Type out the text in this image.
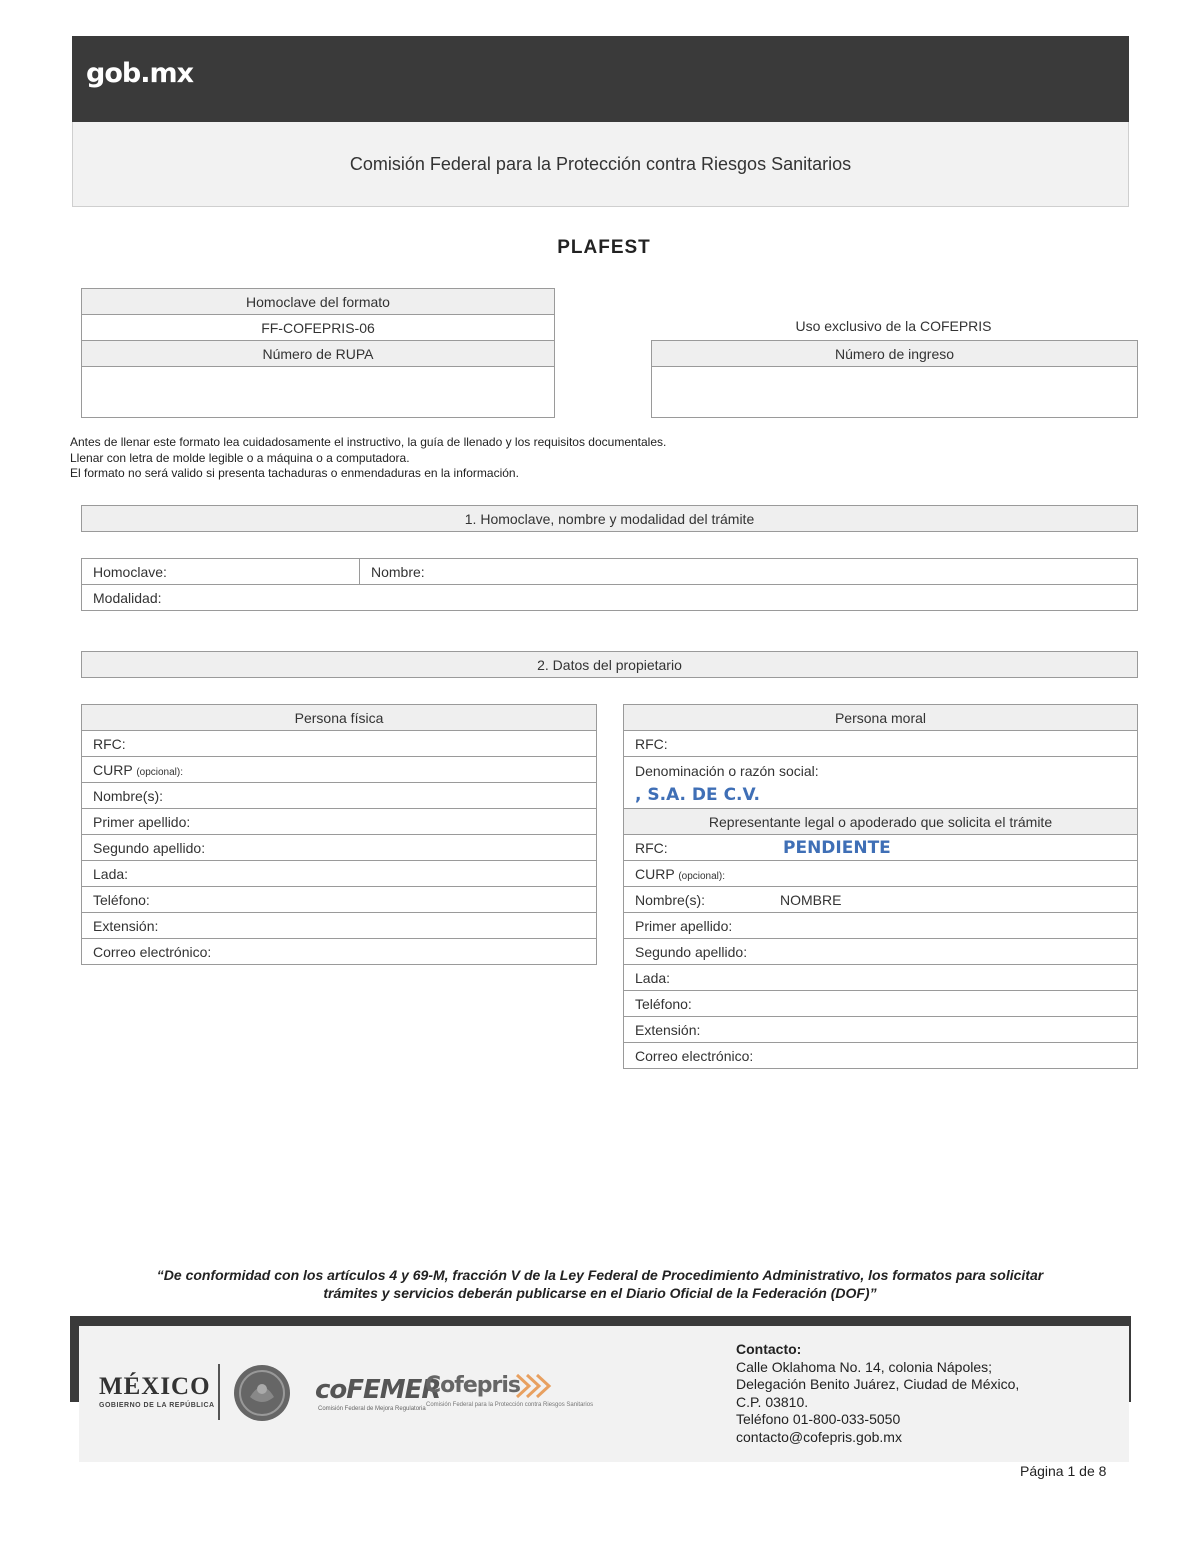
gob.mx
Comisión Federal para la Protección contra Riesgos Sanitarios
PLAFEST
Homoclave del formato
FF-COFEPRIS-06
Número de RUPA

Uso exclusivo de la COFEPRIS
Número de ingreso

Antes de llenar este formato lea cuidadosamente el instructivo, la guía de llenado y los requisitos documentales.
Llenar con letra de molde legible o a máquina o a computadora.
El formato no será valido si presenta tachaduras o enmendaduras en la información.
1. Homoclave, nombre y modalidad del trámite
Homoclave:	Nombre:
Modalidad:
2. Datos del propietario
Persona física
RFC:
CURP (opcional):
Nombre(s):
Primer apellido:
Segundo apellido:
Lada:
Teléfono:
Extensión:
Correo electrónico:
Persona moral
RFC:

Denominación o razón social:
, S.A. DE C.V.

Representante legal o apoderado que solicita el trámite
RFC:	PENDIENTE
CURP (opcional):
Nombre(s):	NOMBRE
Primer apellido:
Segundo apellido:
Lada:
Teléfono:
Extensión:
Correo electrónico:
“De conformidad con los artículos 4 y 69-M, fracción V de la Ley Federal de Procedimiento Administrativo, los formatos para solicitar
trámites y servicios deberán publicarse en el Diario Oficial de la Federación (DOF)”
MÉXICO
GOBIERNO DE LA REPÚBLICA
coFEMER
Comisión Federal de Mejora Regulatoria
Cofepris
Comisión Federal para la Protección contra Riesgos Sanitarios
Contacto:
Calle Oklahoma No. 14, colonia Nápoles;
Delegación Benito Juárez, Ciudad de México,
C.P. 03810.
Teléfono 01-800-033-5050
contacto@cofepris.gob.mx
Página 1 de 8
